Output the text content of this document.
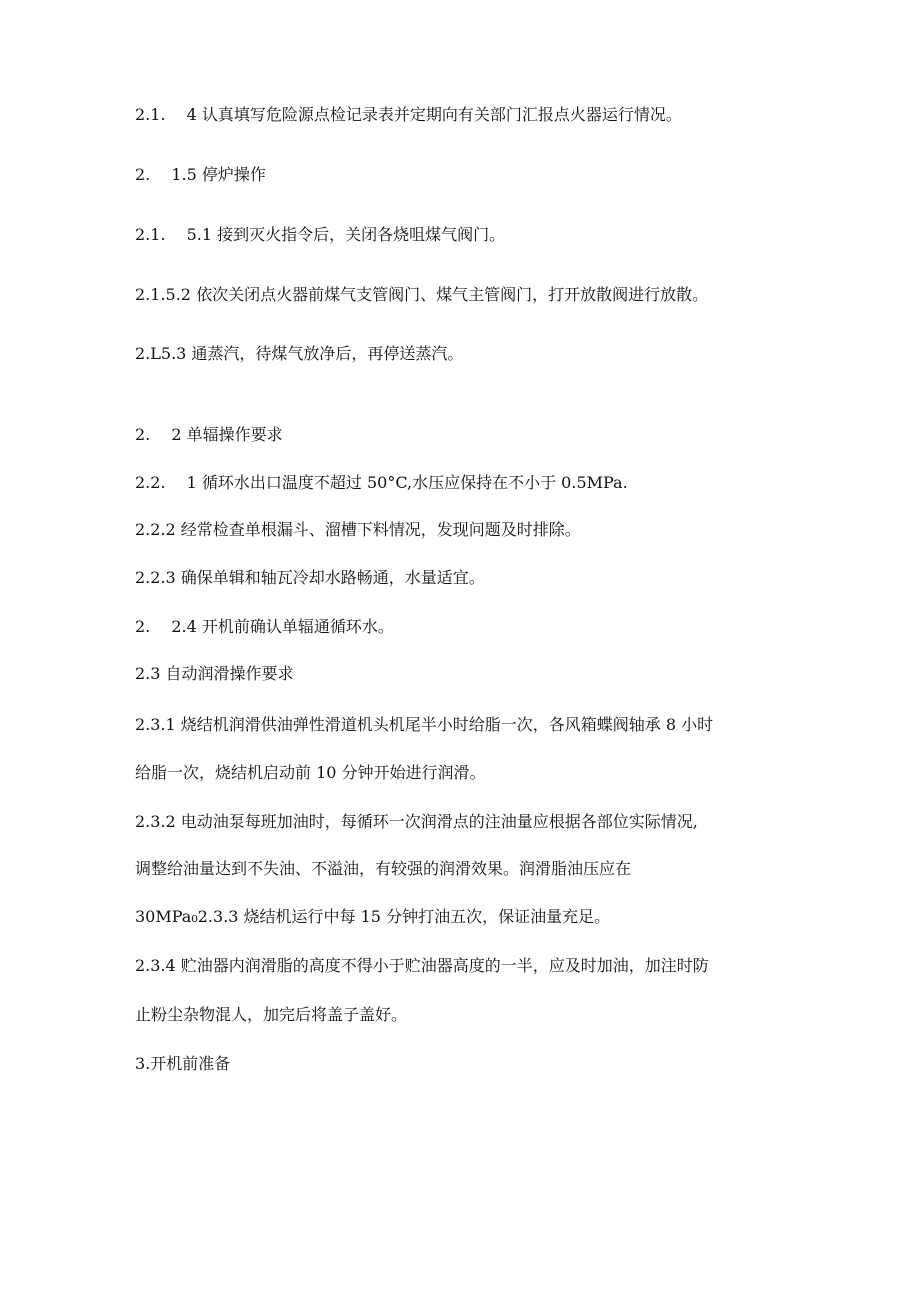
2.1.　 4 认真填写危险源点检记录表并定期向有关部门汇报点火器运行情况。
2.　 1.5 停炉操作
2.1.　 5.1 接到灭火指令后，关闭各烧咀煤气阀门。
2.1.5.2 依次关闭点火器前煤气支管阀门、煤气主管阀门，打开放散阀进行放散。
2.L5.3 通蒸汽，待煤气放净后，再停送蒸汽。
2.　 2 单辐操作要求
2.2.　 1 循环水出口温度不超过 50°C,水压应保持在不小于 0.5MPa.
2.2.2 经常检查单根漏斗、溜槽下料情况，发现问题及时排除。
2.2.3 确保单辑和轴瓦冷却水路畅通，水量适宜。
2.　 2.4 开机前确认单辐通循环水。
2.3 自动润滑操作要求
2.3.1 烧结机润滑供油弹性滑道机头机尾半小时给脂一次，各风箱蝶阀轴承 8 小时
给脂一次，烧结机启动前 10 分钟开始进行润滑。
2.3.2 电动油泵每班加油时，每循环一次润滑点的注油量应根据各部位实际情况,
调整给油量达到不失油、不溢油，有较强的润滑效果。润滑脂油压应在
30MPa₀2.3.3 烧结机运行中每 15 分钟打油五次，保证油量充足。
2.3.4 贮油器内润滑脂的高度不得小于贮油器高度的一半，应及时加油，加注时防
止粉尘杂物混人，加完后将盖子盖好。
3.开机前准备
